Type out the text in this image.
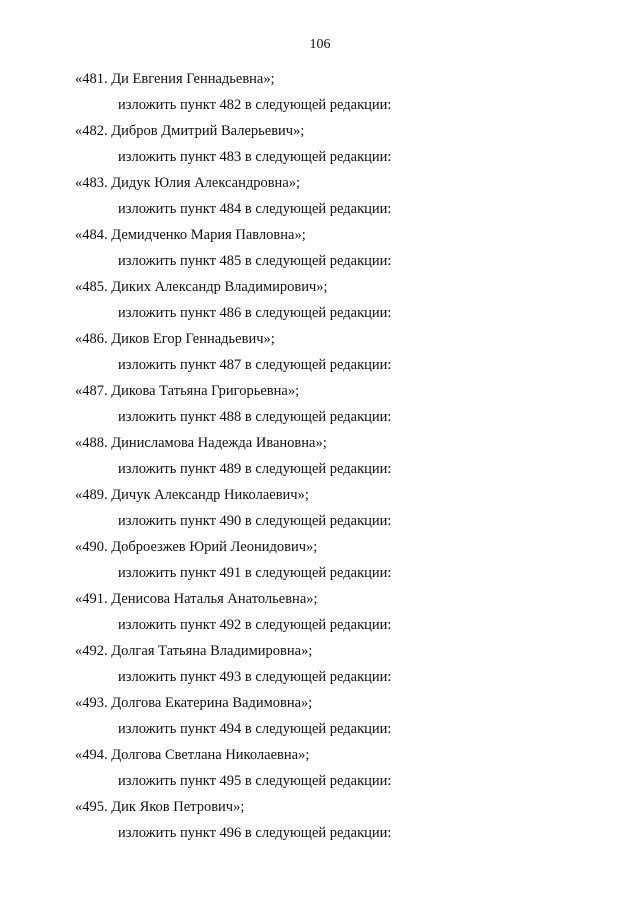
106
«481. Ди Евгения Геннадьевна»;
изложить пункт 482 в следующей редакции:
«482. Дибров Дмитрий Валерьевич»;
изложить пункт 483 в следующей редакции:
«483. Дидук Юлия Александровна»;
изложить пункт 484 в следующей редакции:
«484. Демидченко Мария Павловна»;
изложить пункт 485 в следующей редакции:
«485. Диких Александр Владимирович»;
изложить пункт 486 в следующей редакции:
«486. Диков Егор Геннадьевич»;
изложить пункт 487 в следующей редакции:
«487. Дикова Татьяна Григорьевна»;
изложить пункт 488 в следующей редакции:
«488. Динисламова Надежда Ивановна»;
изложить пункт 489 в следующей редакции:
«489. Дичук Александр Николаевич»;
изложить пункт 490 в следующей редакции:
«490. Доброезжев Юрий Леонидович»;
изложить пункт 491 в следующей редакции:
«491. Денисова Наталья Анатольевна»;
изложить пункт 492 в следующей редакции:
«492. Долгая Татьяна Владимировна»;
изложить пункт 493 в следующей редакции:
«493. Долгова Екатерина Вадимовна»;
изложить пункт 494 в следующей редакции:
«494. Долгова Светлана Николаевна»;
изложить пункт 495 в следующей редакции:
«495. Дик Яков Петрович»;
изложить пункт 496 в следующей редакции:
